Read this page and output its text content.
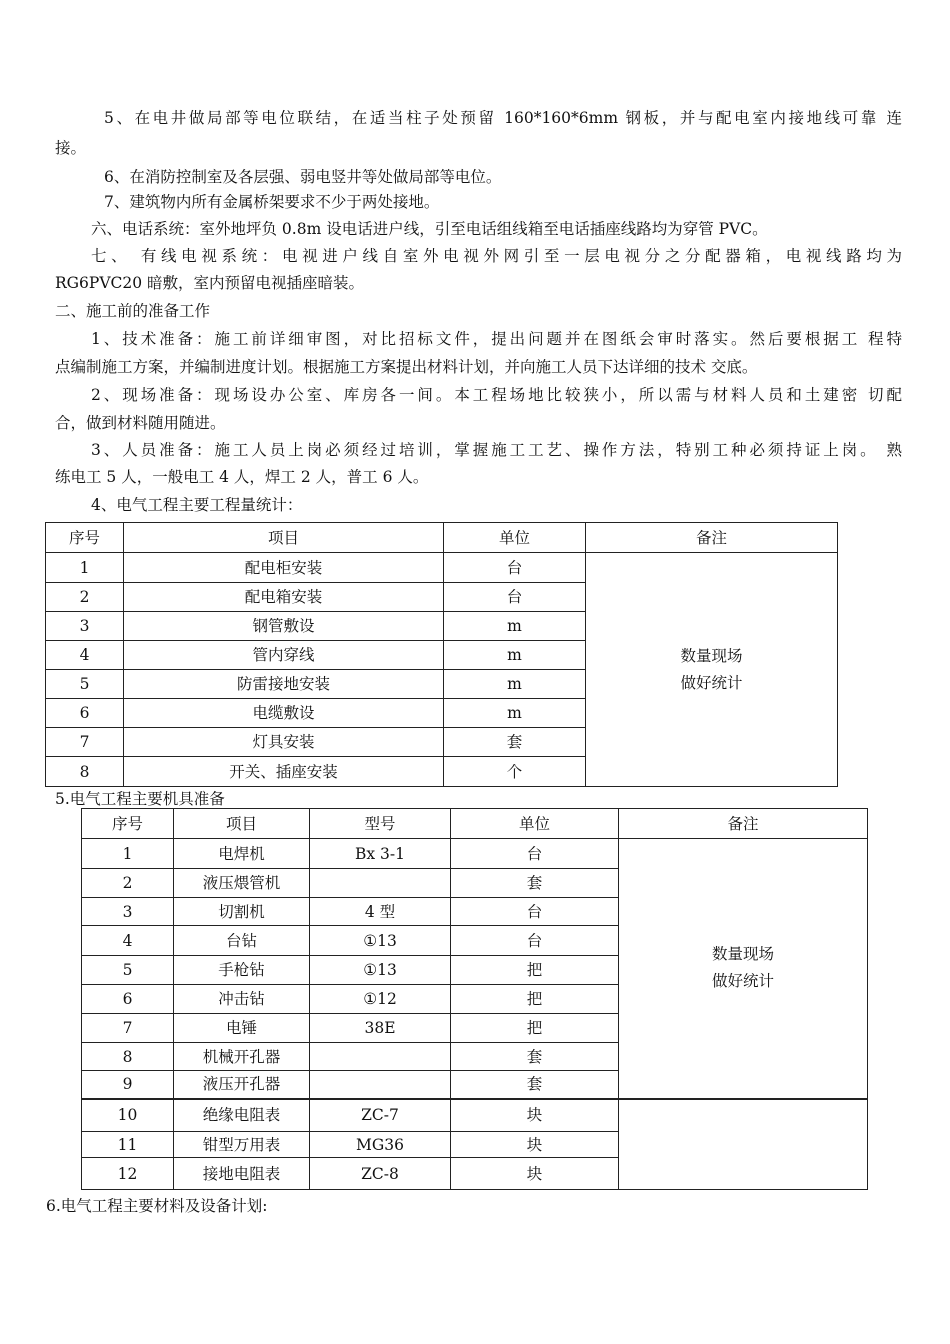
5、在电井做局部等电位联结，在适当柱子处预留 160*160*6mm 钢板，并与配电室内接地线可靠 连
接。
6、在消防控制室及各层强、弱电竖井等处做局部等电位。
7、建筑物内所有金属桥架要求不少于两处接地。
六、电话系统：室外地坪负 0.8m 设电话进户线，引至电话组线箱至电话插座线路均为穿管 PVC。
七、 有线电视系统：电视进户线自室外电视外网引至一层电视分之分配器箱，电视线路均为
RG6PVC20 暗敷，室内预留电视插座暗装。
二、施工前的准备工作
1、技术准备：施工前详细审图，对比招标文件，提出问题并在图纸会审时落实。然后要根据工 程特
点编制施工方案，并编制进度计划。根据施工方案提出材料计划，并向施工人员下达详细的技术 交底。
2、现场准备：现场设办公室、库房各一间。本工程场地比较狭小，所以需与材料人员和土建密 切配
合，做到材料随用随进。
3、人员准备：施工人员上岗必须经过培训，掌握施工工艺、操作方法，特别工种必须持证上岗。 熟
练电工 5 人，一般电工 4 人，焊工 2 人，普工 6 人。
4、电气工程主要工程量统计：
序号	项目	单位	备注
1	配电柜安装	台	数量现场
做好统计

2	配电箱安装	台	
3	钢管敷设	m	
4	管内穿线	m	
5	防雷接地安装	m	
6	电缆敷设	m	
7	灯具安装	套	
8	开关、插座安装	个	
5.电气工程主要机具准备
序号	项目	型号	单位	备注
1	电焊机	Bx 3-1	台	数量现场
做好统计

2	液压煨管机		套	
3	切割机	4 型	台	
4	台钻	①13	台	
5	手枪钻	①13	把	
6	冲击钻	①12	把	
7	电锤	38E	把	
8	机械开孔器		套	
9	液压开孔器		套	
10	绝缘电阻表	ZC-7	块	
11	钳型万用表	MG36	块	
12	接地电阻表	ZC-8	块	
6.电气工程主要材料及设备计划:
